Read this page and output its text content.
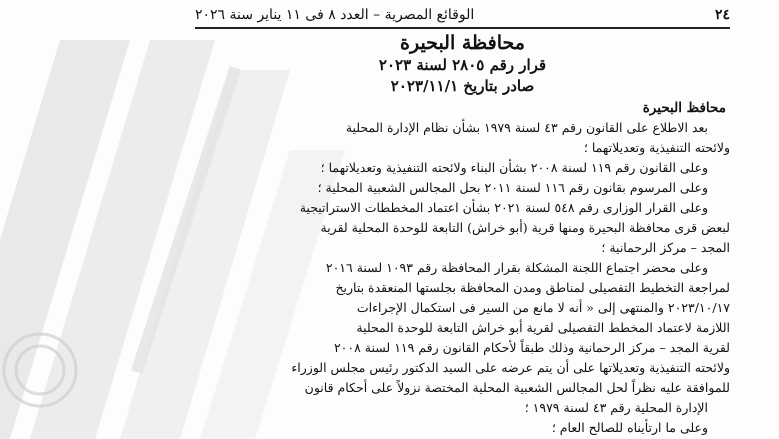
٢٤
الوقائع المصرية – العدد ٨ فى ١١ يناير سنة ٢٠٢٦
محافظة البحيرة
قرار رقم ٢٨٠٥ لسنة ٢٠٢٣
صادر بتاريخ ٢٠٢٣/١١/١
محافظ البحيرة
بعد الاطلاع على القانون رقم ٤٣ لسنة ١٩٧٩ بشأن نظام الإدارة المحلية
ولائحته التنفيذية وتعديلاتهما ؛
وعلى القانون رقم ١١٩ لسنة ٢٠٠٨ بشأن البناء ولائحته التنفيذية وتعديلاتهما ؛
وعلى المرسوم بقانون رقم ١١٦ لسنة ٢٠١١ بحل المجالس الشعبية المحلية ؛
وعلى القرار الوزارى رقم ٥٤٨ لسنة ٢٠٢١ بشأن اعتماد المخططات الاستراتيجية
لبعض قرى محافظة البحيرة ومنها قرية (أبو خراش) التابعة للوحدة المحلية لقرية
المجد – مركز الرحمانية ؛
وعلى محضر اجتماع اللجنة المشكلة بقرار المحافظة رقم ١٠٩٣ لسنة ٢٠١٦
لمراجعة التخطيط التفصيلى لمناطق ومدن المحافظة بجلستها المنعقدة بتاريخ
٢٠٢٣/١٠/١٧ والمنتهى إلى « أنه لا مانع من السير فى استكمال الإجراءات
اللازمة لاعتماد المخطط التفصيلى لقرية أبو خراش التابعة للوحدة المحلية
لقرية المجد – مركز الرحمانية وذلك طبقاً لأحكام القانون رقم ١١٩ لسنة ٢٠٠٨
ولائحته التنفيذية وتعديلاتها على أن يتم عرضه على السيد الدكتور رئيس مجلس الوزراء
للموافقة عليه نظراً لحل المجالس الشعبية المحلية المختصة نزولاً على أحكام قانون
الإدارة المحلية رقم ٤٣ لسنة ١٩٧٩ ؛
وعلى ما ارتأيناه للصالح العام ؛
